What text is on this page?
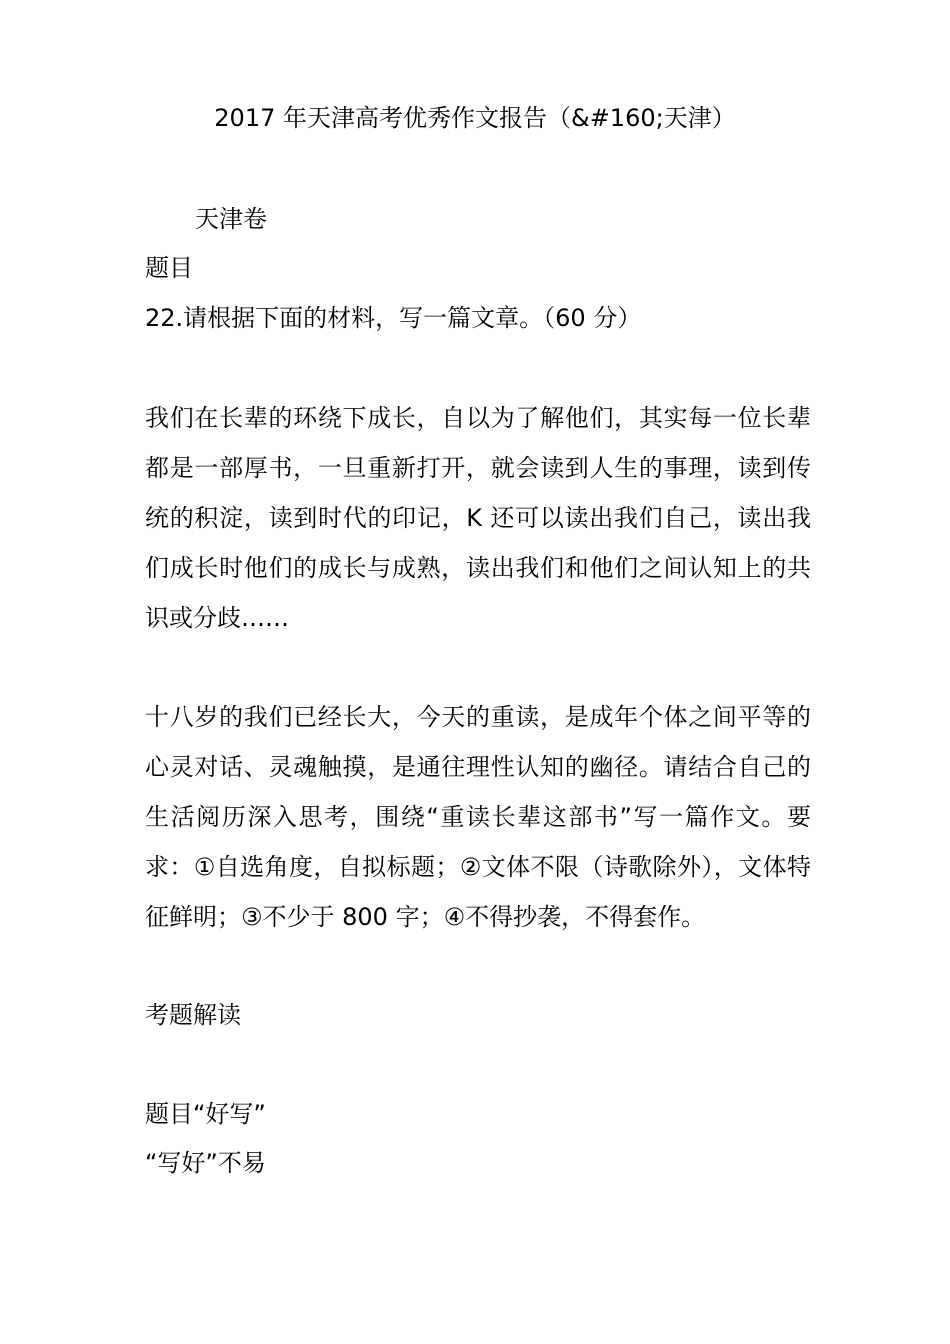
2017 年天津高考优秀作文报告（&#160;天津）
天津卷
题目
22.请根据下面的材料，写一篇文章。（60 分）
我们在长辈的环绕下成长，自以为了解他们，其实每一位长辈都是一部厚书，一旦重新打开，就会读到人生的事理，读到传统的积淀，读到时代的印记，K 还可以读出我们自己，读出我们成长时他们的成长与成熟，读出我们和他们之间认知上的共识或分歧……
十八岁的我们已经长大，今天的重读，是成年个体之间平等的心灵对话、灵魂触摸，是通往理性认知的幽径。请结合自己的生活阅历深入思考，围绕“重读长辈这部书”写一篇作文。要求：①自选角度，自拟标题；②文体不限（诗歌除外），文体特征鲜明；③不少于 800 字；④不得抄袭，不得套作。
考题解读
题目“好写”
“写好”不易
